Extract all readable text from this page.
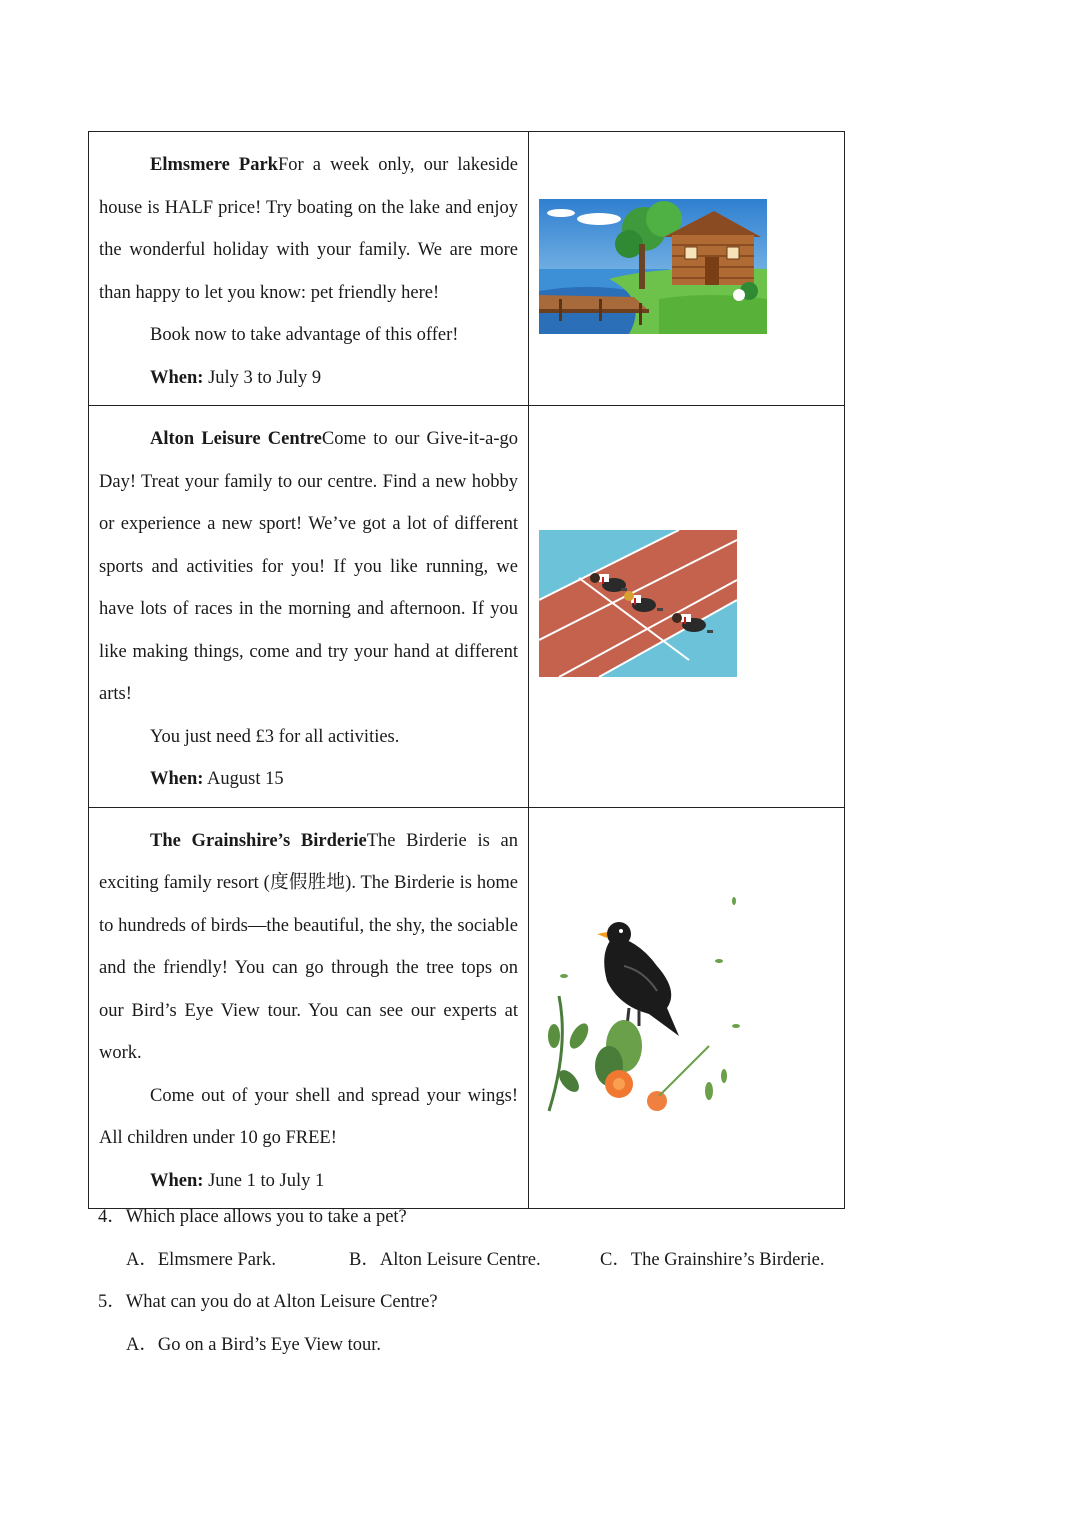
Elmsmere ParkFor a week only, our lakeside house is HALF price! Try boating on the lake and enjoy the wonderful holiday with your family. We are more than happy to let you know: pet friendly here!

Book now to take advantage of this offer!

When: July 3 to July 9

Alton Leisure CentreCome to our Give-it-a-go Day! Treat your family to our centre. Find a new hobby or experience a new sport! We’ve got a lot of different sports and activities for you! If you like running, we have lots of races in the morning and afternoon. If you like making things, come and try your hand at different arts!

You just need £3 for all activities.

When: August 15

The Grainshire’s BirderieThe Birderie is an exciting family resort (度假胜地). The Birderie is home to hundreds of birds—the beautiful, the shy, the sociable and the friendly! You can go through the tree tops on our Bird’s Eye View tour. You can see our experts at work.

Come out of your shell and spread your wings! All children under 10 go FREE!

When: June 1 to July 1

4．Which place allows you to take a pet?

A．Elmsmere Park.	B．Alton Leisure Centre.	C．The Grainshire’s Birderie.

5．What can you do at Alton Leisure Centre?

A．Go on a Bird’s Eye View tour.
